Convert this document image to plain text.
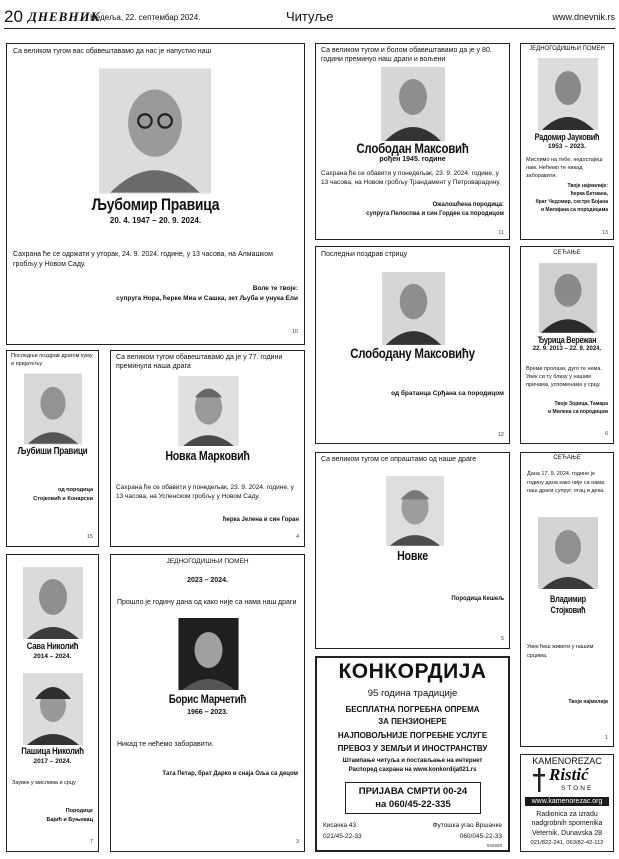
20 ДНЕВНИК
Недеља, 22. септембар 2024.	Читуље	www.dnevnik.rs

Са великом тугом вас обавештавамо да нас је напустио наш

Љубомир Правица

20. 4. 1947 – 20. 9. 2024.

Сахрана ће се одржати у уторак, 24. 9. 2024. године, у 13 часова, на Алмашком гробљу у Новом Саду.

Воле те твоје:

супруга Нора, ћерке Миа и Сашка, зет Љуба и унука Ели

10

Са великом тугом и болом обавештавамо да је у 80. години преминуо наш драги и вољени

Слободан Максовић

рођен 1945. године

Сахрана ће се обавити у понедељак, 23. 9. 2024. године, у 13 часова, на Новом гробљу Трандамент у Петроварадину.

Ожалошћена породица:

супруга Пелоспва и син Горден са породицом

11

ЈЕДНОГОДИШЊИ ПОМЕН

Радомир Јауковић

1953 – 2023.

Мислимо на тебе, недостајеш нам. Нећемо те никад заборавити.

Твоје најмилије:

ћерка Бетиана,

брат Чедомир, сестре Бојана

и Милијана са породицама

13

Последњи поздрав стрицу

Слободану Максовићу

од братанца Срђана са породицом

12

СЕЋАЊЕ

Ђурица Вережан

22. 9. 2013 – 22. 9. 2024.

Време пролази, дуго те нема. Увек си ту близу у нашим причама, успоменама у срцу.

Твоје Зорица, Тамара

и Милена са породицом

6

Последњи поздрав драгом куму и пријатељу

Љубиши Правици

од породица

Стојковић и Конарски

15

Са великом тугом обавештавамо да је у 77. години преминула наша драга

Новка Марковић

Сахрана ће се обавити у понедељак, 23. 9. 2024. године, у 13 часова, на Успенском гробљу у Новом Саду.

ћерка Јелена и син Горан

4

Са великом тугом се опраштамо од наше драге

Новке

Породица Кешељ

5

СЕЋАЊЕ

Дана 17. 9. 2024. године је годину дана како није са нама наш драги супруг, отац и дека.

Владимир Стојковић

Увек ћеш живети у нашим срцима.

Твоји најмилији

1

Сава Николић

2014 – 2024.

Пашица Николић

2017 – 2024.

Заувек у мислима и срцу

Породице

Бајић и Буњевац

7

ЈЕДНОГОДИШЊИ ПОМЕН

2023 – 2024.

Прошло је годину дана од како није са нама наш драги

Борис Марчетић

1966 – 2023.

Никад те нећемо заборавити.

Тата Петар, брат Дарко и снаја Оља са децом

3

КОНКОРДИЈА

95 година традиције

БЕСПЛАТНА ПОГРЕБНА ОПРЕМА

ЗА ПЕНЗИОНЕРЕ

НАЈПОВОЉНИЈЕ ПОГРЕБНЕ УСЛУГЕ

ПРЕВОЗ У ЗЕМЉИ И ИНОСТРАНСТВУ

Штампање читуља и постављање на интернет

Распоред сахрана на www.konkordija021.rs

ПРИЈАВА СМРТИ 00-24

на 060/45-22-335

Кисачка 43	Футошка угао Вршачке

021/45-22-33	060/045-22-33

S06689

KAMENOREZAC

Ristić

STONE

www.kamenorezac.org

Radionica za izradu

nadgrobnih spomenika

Veternik, Dunavska 28

021/822-241, 063/82-42-112
